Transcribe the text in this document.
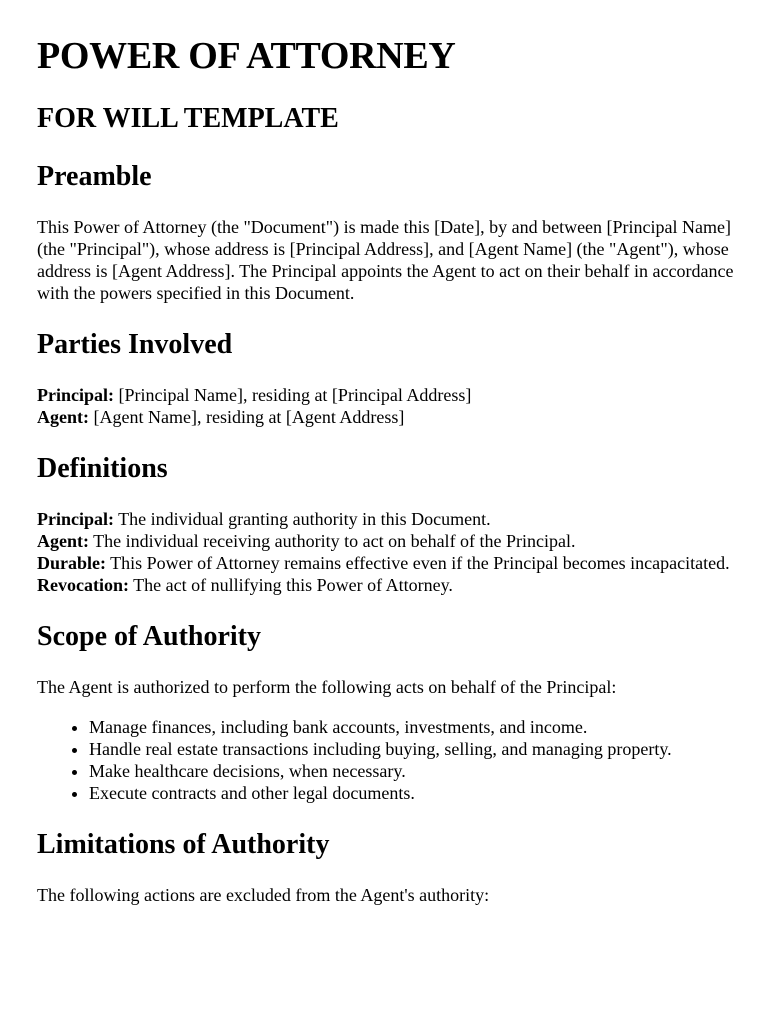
POWER OF ATTORNEY
FOR WILL TEMPLATE
Preamble

This Power of Attorney (the "Document") is made this [Date], by and between [Principal Name] (the "Principal"), whose address is [Principal Address], and [Agent Name] (the "Agent"), whose address is [Agent Address]. The Principal appoints the Agent to act on their behalf in accordance with the powers specified in this Document.

Parties Involved
Principal: [Principal Name], residing at [Principal Address]
Agent: [Agent Name], residing at [Agent Address]
Definitions
Principal: The individual granting authority in this Document.
Agent: The individual receiving authority to act on behalf of the Principal.
Durable: This Power of Attorney remains effective even if the Principal becomes incapacitated.
Revocation: The act of nullifying this Power of Attorney.
Scope of Authority

The Agent is authorized to perform the following acts on behalf of the Principal:

• Manage finances, including bank accounts, investments, and income.
• Handle real estate transactions including buying, selling, and managing property.
• Make healthcare decisions, when necessary.
• Execute contracts and other legal documents.
Limitations of Authority

The following actions are excluded from the Agent's authority:
